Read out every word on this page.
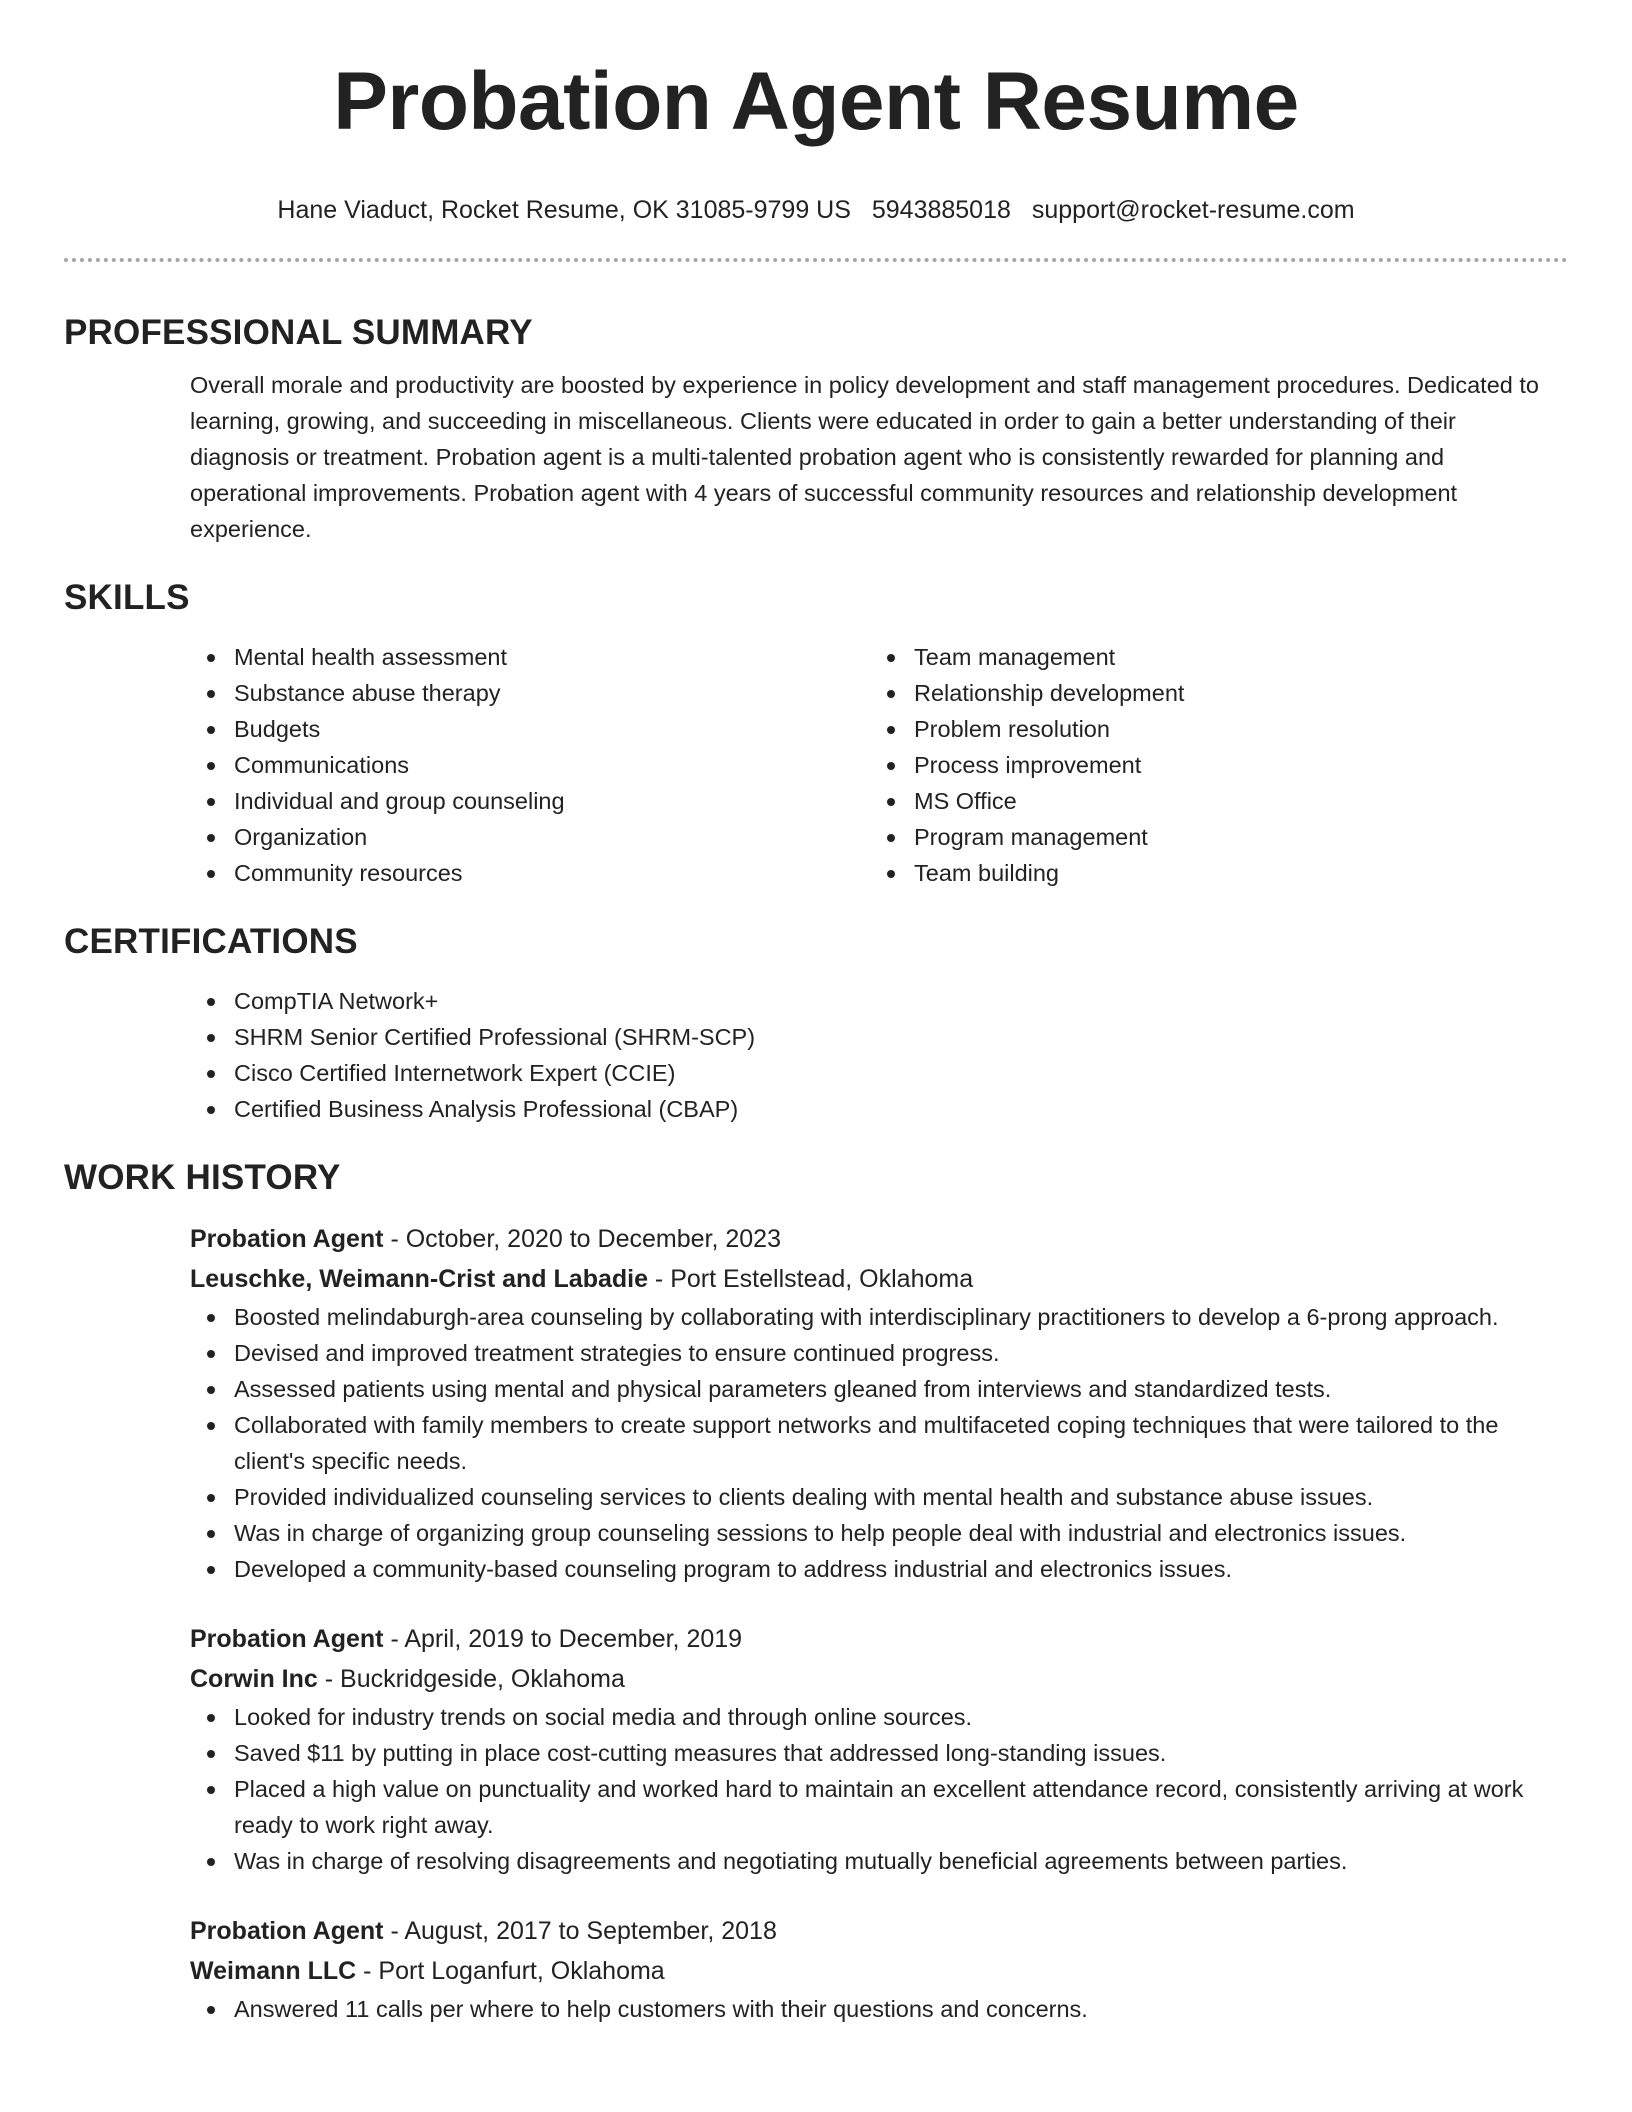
Probation Agent Resume
Hane Viaduct, Rocket Resume, OK 31085-9799 US 5943885018 support@rocket-resume.com
PROFESSIONAL SUMMARY
Overall morale and productivity are boosted by experience in policy development and staff management procedures. Dedicated to learning, growing, and succeeding in miscellaneous. Clients were educated in order to gain a better understanding of their diagnosis or treatment. Probation agent is a multi-talented probation agent who is consistently rewarded for planning and operational improvements. Probation agent with 4 years of successful community resources and relationship development experience.
SKILLS
Mental health assessment
Substance abuse therapy
Budgets
Communications
Individual and group counseling
Organization
Community resources
Team management
Relationship development
Problem resolution
Process improvement
MS Office
Program management
Team building
CERTIFICATIONS
CompTIA Network+
SHRM Senior Certified Professional (SHRM-SCP)
Cisco Certified Internetwork Expert (CCIE)
Certified Business Analysis Professional (CBAP)
WORK HISTORY
Probation Agent - October, 2020 to December, 2023
Leuschke, Weimann-Crist and Labadie - Port Estellstead, Oklahoma
Boosted melindaburgh-area counseling by collaborating with interdisciplinary practitioners to develop a 6-prong approach.
Devised and improved treatment strategies to ensure continued progress.
Assessed patients using mental and physical parameters gleaned from interviews and standardized tests.
Collaborated with family members to create support networks and multifaceted coping techniques that were tailored to the client's specific needs.
Provided individualized counseling services to clients dealing with mental health and substance abuse issues.
Was in charge of organizing group counseling sessions to help people deal with industrial and electronics issues.
Developed a community-based counseling program to address industrial and electronics issues.
Probation Agent - April, 2019 to December, 2019
Corwin Inc - Buckridgeside, Oklahoma
Looked for industry trends on social media and through online sources.
Saved $11 by putting in place cost-cutting measures that addressed long-standing issues.
Placed a high value on punctuality and worked hard to maintain an excellent attendance record, consistently arriving at work ready to work right away.
Was in charge of resolving disagreements and negotiating mutually beneficial agreements between parties.
Probation Agent - August, 2017 to September, 2018
Weimann LLC - Port Loganfurt, Oklahoma
Answered 11 calls per where to help customers with their questions and concerns.
